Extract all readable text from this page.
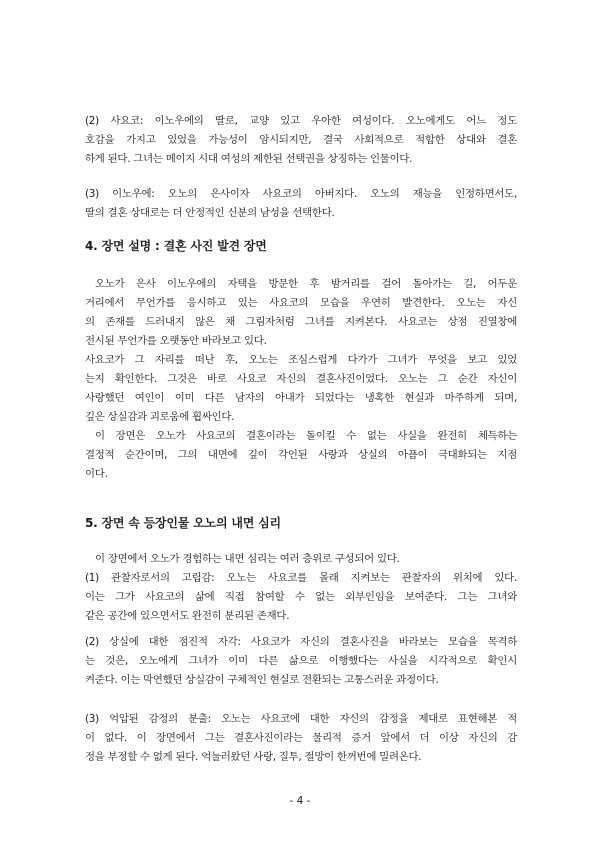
(2) 사요코: 이노우에의 딸로, 교양 있고 우아한 여성이다. 오노에게도 어느 정도
호감을 가지고 있었을 가능성이 암시되지만, 결국 사회적으로 적합한 상대와 결혼
하게 된다. 그녀는 메이지 시대 여성의 제한된 선택권을 상징하는 인물이다.

(3) 이노우에: 오노의 은사이자 사요코의 아버지다. 오노의 재능을 인정하면서도,
딸의 결혼 상대로는 더 안정적인 신분의 남성을 선택한다.

4. 장면 설명 : 결혼 사진 발견 장면

오노가 은사 이노우에의 자택을 방문한 후 밤거리를 걸어 돌아가는 길, 어두운
거리에서 무언가를 응시하고 있는 사요코의 모습을 우연히 발견한다. 오노는 자신
의 존재를 드러내지 않은 채 그림자처럼 그녀를 지켜본다. 사요코는 상점 진열창에
전시된 무언가를 오랫동안 바라보고 있다.
사요코가 그 자리를 떠난 후, 오노는 조심스럽게 다가가 그녀가 무엇을 보고 있었
는지 확인한다. 그것은 바로 사요코 자신의 결혼사진이었다. 오노는 그 순간 자신이
사랑했던 여인이 이미 다른 남자의 아내가 되었다는 냉혹한 현실과 마주하게 되며,
깊은 상실감과 괴로움에 휩싸인다.

이 장면은 오노가 사요코의 결혼이라는 돌이킬 수 없는 사실을 완전히 체득하는
결정적 순간이며, 그의 내면에 깊이 각인된 사랑과 상실의 아픔이 극대화되는 지점
이다.

5. 장면 속 등장인물 오노의 내면 심리

이 장면에서 오노가 경험하는 내면 심리는 여러 층위로 구성되어 있다.

(1) 관찰자로서의 고립감: 오노는 사요코를 몰래 지켜보는 관찰자의 위치에 있다.
이는 그가 사요코의 삶에 직접 참여할 수 없는 외부인임을 보여준다. 그는 그녀와
같은 공간에 있으면서도 완전히 분리된 존재다.

(2) 상실에 대한 점진적 자각: 사요코가 자신의 결혼사진을 바라보는 모습을 목격하
는 것은, 오노에게 그녀가 이미 다른 삶으로 이행했다는 사실을 시각적으로 확인시
켜준다. 이는 막연했던 상실감이 구체적인 현실로 전환되는 고통스러운 과정이다.

(3) 억압된 감정의 분출: 오노는 사요코에 대한 자신의 감정을 제대로 표현해본 적
이 없다. 이 장면에서 그는 결혼사진이라는 물리적 증거 앞에서 더 이상 자신의 감
정을 부정할 수 없게 된다. 억눌러왔던 사랑, 질투, 절망이 한꺼번에 밀려온다.

- 4 -
